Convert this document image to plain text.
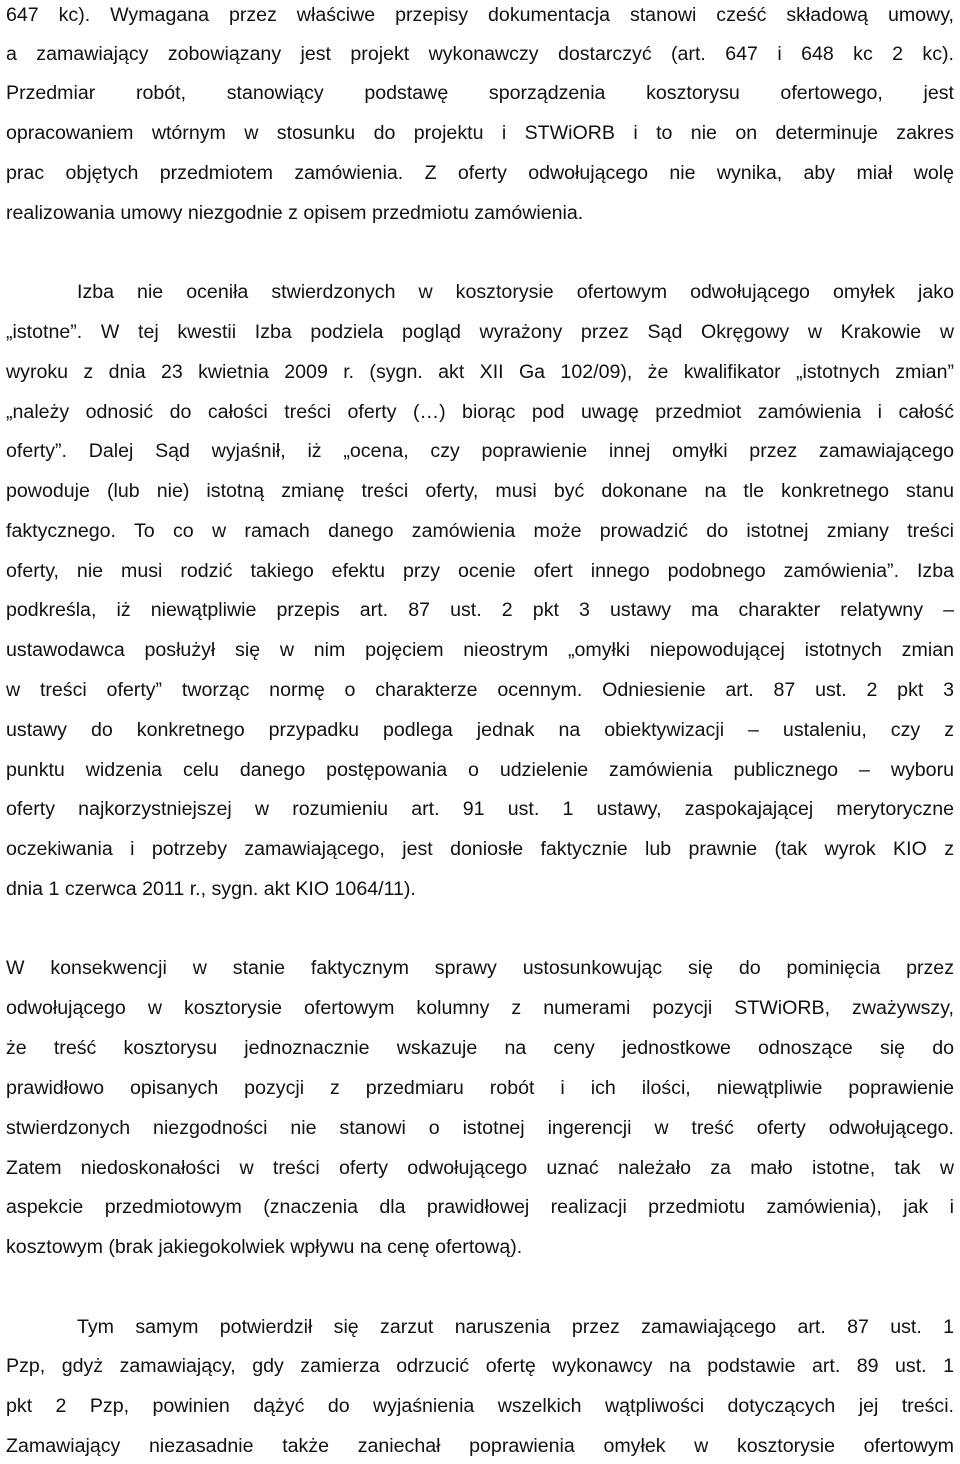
647 kc). Wymagana przez właściwe przepisy dokumentacja stanowi cześć składową umowy,
a zamawiający zobowiązany jest projekt wykonawczy dostarczyć (art. 647 i 648 kc 2 kc).
Przedmiar robót, stanowiący podstawę sporządzenia kosztorysu ofertowego, jest
opracowaniem wtórnym w stosunku do projektu i STWiORB i to nie on determinuje zakres
prac objętych przedmiotem zamówienia. Z oferty odwołującego nie wynika, aby miał wolę
realizowania umowy niezgodnie z opisem przedmiotu zamówienia.
Izba nie oceniła stwierdzonych w kosztorysie ofertowym odwołującego omyłek jako
„istotne”. W tej kwestii Izba podziela pogląd wyrażony przez Sąd Okręgowy w Krakowie w
wyroku z dnia 23 kwietnia 2009 r. (sygn. akt XII Ga 102/09), że kwalifikator „istotnych zmian”
„należy odnosić do całości treści oferty (…) biorąc pod uwagę przedmiot zamówienia i całość
oferty”. Dalej Sąd wyjaśnił, iż „ocena, czy poprawienie innej omyłki przez zamawiającego
powoduje (lub nie) istotną zmianę treści oferty, musi być dokonane na tle konkretnego stanu
faktycznego. To co w ramach danego zamówienia może prowadzić do istotnej zmiany treści
oferty, nie musi rodzić takiego efektu przy ocenie ofert innego podobnego zamówienia”. Izba
podkreśla, iż niewątpliwie przepis art. 87 ust. 2 pkt 3 ustawy ma charakter relatywny –
ustawodawca posłużył się w nim pojęciem nieostrym „omyłki niepowodującej istotnych zmian
w treści oferty” tworząc normę o charakterze ocennym. Odniesienie art. 87 ust. 2 pkt 3
ustawy do konkretnego przypadku podlega jednak na obiektywizacji – ustaleniu, czy z
punktu widzenia celu danego postępowania o udzielenie zamówienia publicznego – wyboru
oferty najkorzystniejszej w rozumieniu art. 91 ust. 1 ustawy, zaspokajającej merytoryczne
oczekiwania i potrzeby zamawiającego, jest doniosłe faktycznie lub prawnie (tak wyrok KIO z
dnia 1 czerwca 2011 r., sygn. akt KIO 1064/11).
W konsekwencji w stanie faktycznym sprawy ustosunkowując się do pominięcia przez
odwołującego w kosztorysie ofertowym kolumny z numerami pozycji STWiORB, zważywszy,
że treść kosztorysu jednoznacznie wskazuje na ceny jednostkowe odnoszące się do
prawidłowo opisanych pozycji z przedmiaru robót i ich ilości, niewątpliwie poprawienie
stwierdzonych niezgodności nie stanowi o istotnej ingerencji w treść oferty odwołującego.
Zatem niedoskonałości w treści oferty odwołującego uznać należało za mało istotne, tak w
aspekcie przedmiotowym (znaczenia dla prawidłowej realizacji przedmiotu zamówienia), jak i
kosztowym (brak jakiegokolwiek wpływu na cenę ofertową).
Tym samym potwierdził się zarzut naruszenia przez zamawiającego art. 87 ust. 1
Pzp, gdyż zamawiający, gdy zamierza odrzucić ofertę wykonawcy na podstawie art. 89 ust. 1
pkt 2 Pzp, powinien dążyć do wyjaśnienia wszelkich wątpliwości dotyczących jej treści.
Zamawiający niezasadnie także zaniechał poprawienia omyłek w kosztorysie ofertowym
